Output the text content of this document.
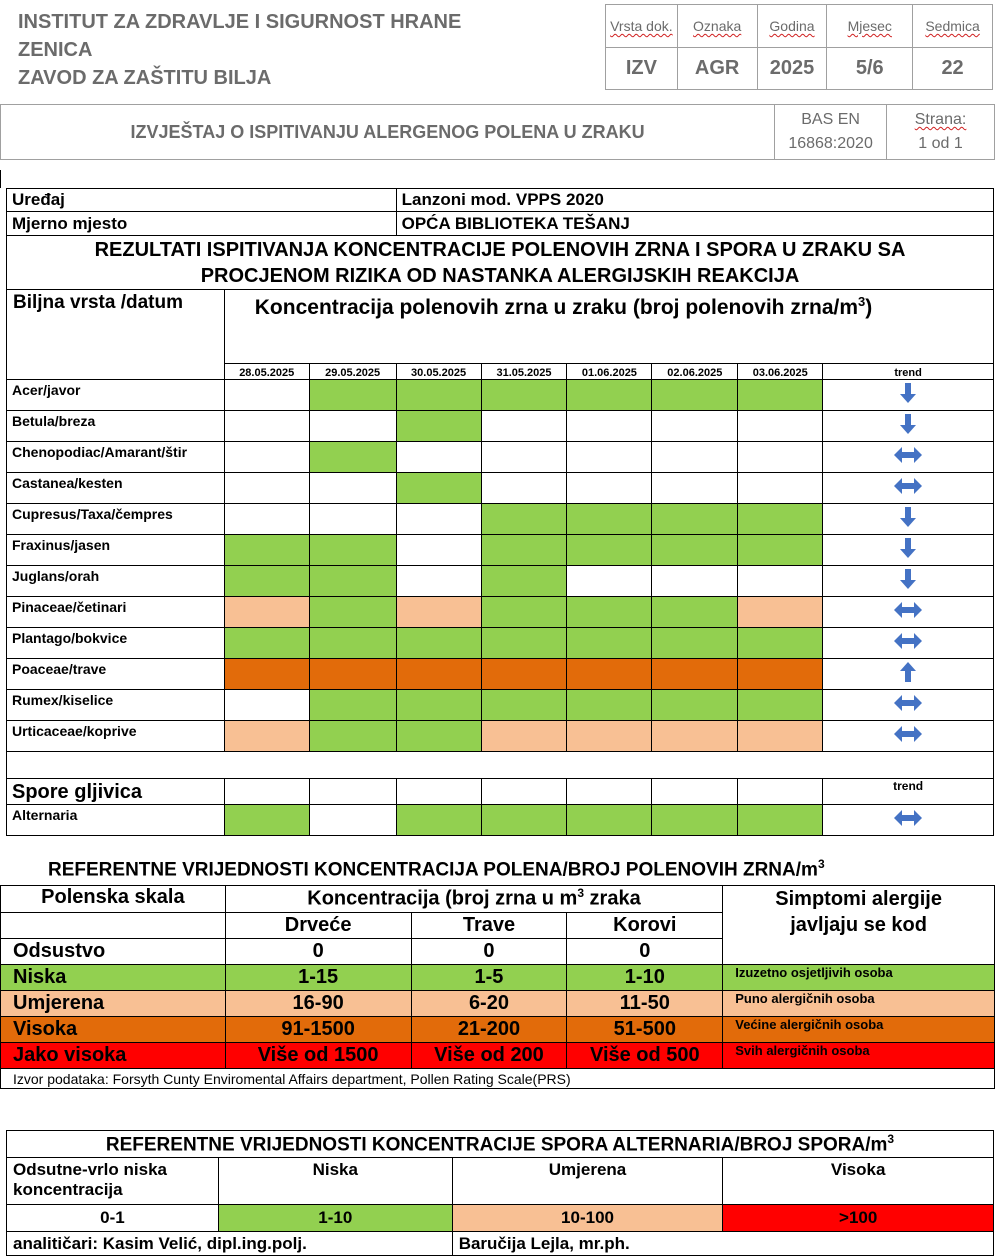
INSTITUT ZA ZDRAVLJE I SIGURNOST HRANE
ZENICA
ZAVOD ZA ZAŠTITU BILJA
Vrsta dok.	Oznaka	Godina	Mjesec	Sedmica
IZV	AGR	2025	5/6	22
IZVJEŠTAJ O ISPITIVANJU ALERGENOG POLENA U ZRAKU	
BAS EN
16868:2020

Strana:
1 od 1
Uređaj			Lanzoni mod. VPPS 2020					
Mjerno mjesto			OPĆA BIBLIOTEKA TEŠANJ					

REZULTATI ISPITIVANJA KONCENTRACIJE POLENOVIH ZRNA I SPORA U ZRAKU SA
PROCJENOM RIZIKA OD NASTANKA ALERGIJSKIH REAKCIJA								

Biljna vrsta /datum	Koncentracija polenovih zrna u zraku (broj polenovih zrna/$m^3$)							
	28.05.2025	29.05.2025	30.05.2025	31.05.2025	01.06.2025	02.06.2025	03.06.2025	trend
Acer/javor								
Betula/breza								
Chenopodiac/Amarant/štir								
Castanea/kesten								
Cupresus/Taxa/čempres								
Fraxinus/jasen								
Juglans/orah								
Pinaceae/četinari								
Plantago/bokvice								
Poaceae/trave								
Rumex/kiselice								
Urticaceae/koprive								

Spore gljivica								trend
Alternaria								
REFERENTNE VRIJEDNOSTI KONCENTRACIJA POLENA/BROJ POLENOVIH ZRNA/$m^3$
Polenska skala	Koncentracija (broj zrna u $m^3$ zraka			Simptomi alergije
javljaju se kod

	Drveće	Trave	Korovi	
Odsustvo	0	0	0	
Niska	1-15	1-5	1-10	Izuzetno osjetljivih osoba
Umjerena	16-90	6-20	11-50	Puno alergičnih osoba
Visoka	91-1500	21-200	51-500	Većine alergičnih osoba
Jako visoka	Više od 1500	Više od 200	Više od 500	Svih alergičnih osoba
Izvor podataka: Forsyth Cunty Enviromental Affairs department, Pollen Rating Scale(PRS)				
REFERENTNE VRIJEDNOSTI KONCENTRACIJE SPORA ALTERNARIA/BROJ SPORA/$m^3$

Odsutne-vrlo niska
koncentracija	Niska	Umjerena	Visoka
0-1	1-10	10-100	>100
analitičari: Kasim Velić, dipl.ing.polj.		Baručija Lejla, mr.ph.	
